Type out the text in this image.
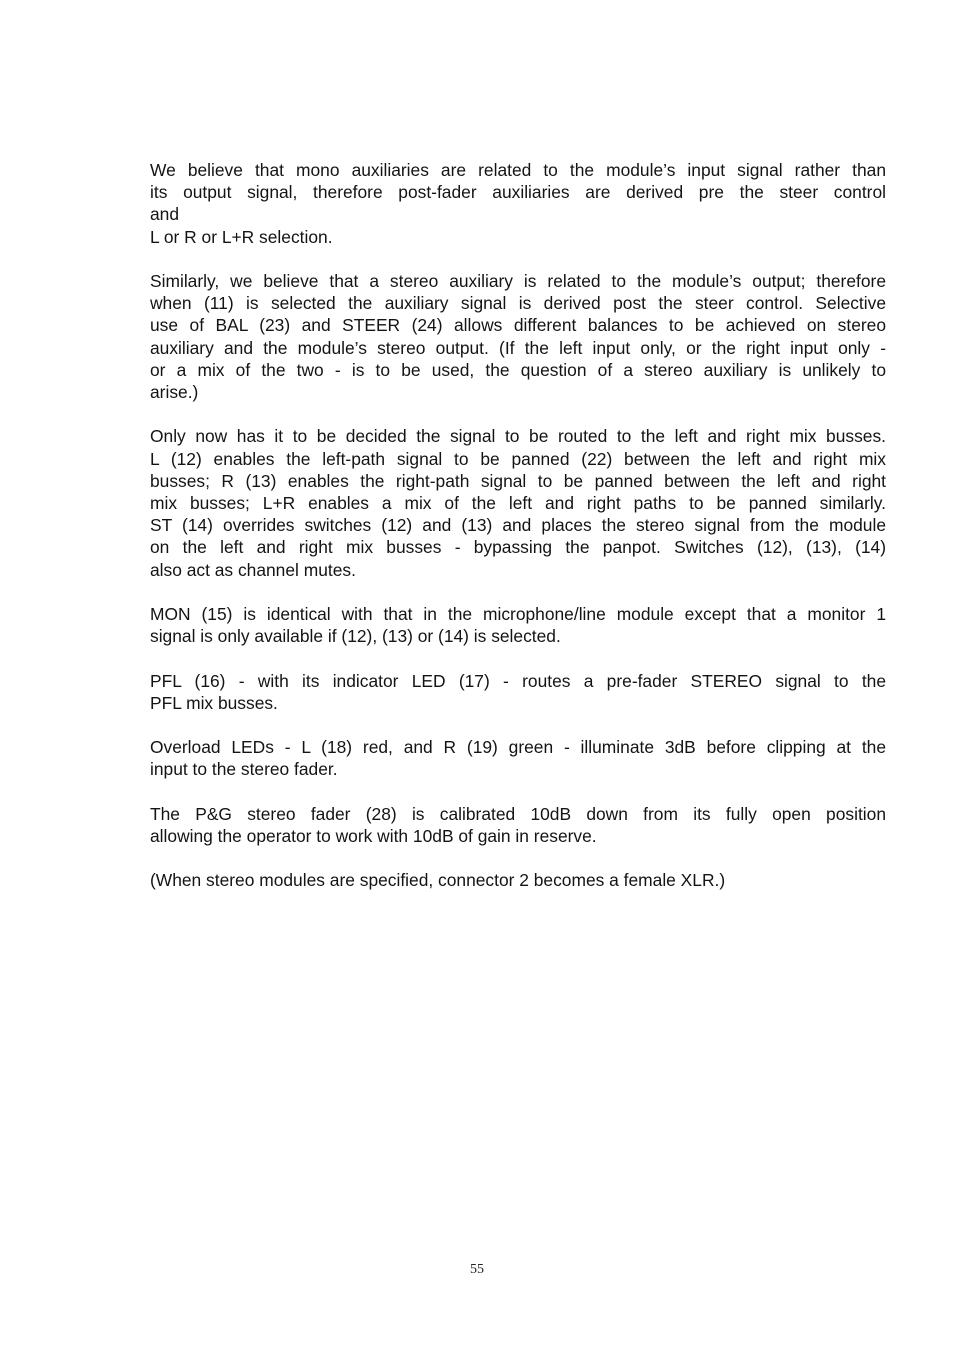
We believe that mono auxiliaries are related to the module’s input signal rather than
its output signal, therefore post-fader auxiliaries are derived pre the steer control
and
L or R or L+R selection.

Similarly, we believe that a stereo auxiliary is related to the module’s output; therefore
when (11) is selected the auxiliary signal is derived post the steer control. Selective
use of BAL (23) and STEER (24) allows different balances to be achieved on stereo
auxiliary and the module’s stereo output. (If the left input only, or the right input only -
or a mix of the two - is to be used, the question of a stereo auxiliary is unlikely to
arise.)

Only now has it to be decided the signal to be routed to the left and right mix busses.
L (12) enables the left-path signal to be panned (22) between the left and right mix
busses; R (13) enables the right-path signal to be panned between the left and right
mix busses; L+R enables a mix of the left and right paths to be panned similarly.
ST (14) overrides switches (12) and (13) and places the stereo signal from the module
on the left and right mix busses - bypassing the panpot. Switches (12), (13), (14)
also act as channel mutes.

MON (15) is identical with that in the microphone/line module except that a monitor 1
signal is only available if (12), (13) or (14) is selected.

PFL (16) - with its indicator LED (17) - routes a pre-fader STEREO signal to the
PFL mix busses.

Overload LEDs - L (18) red, and R (19) green - illuminate 3dB before clipping at the
input to the stereo fader.

The P&G stereo fader (28) is calibrated 10dB down from its fully open position
allowing the operator to work with 10dB of gain in reserve.

(When stereo modules are specified, connector 2 becomes a female XLR.)

55
